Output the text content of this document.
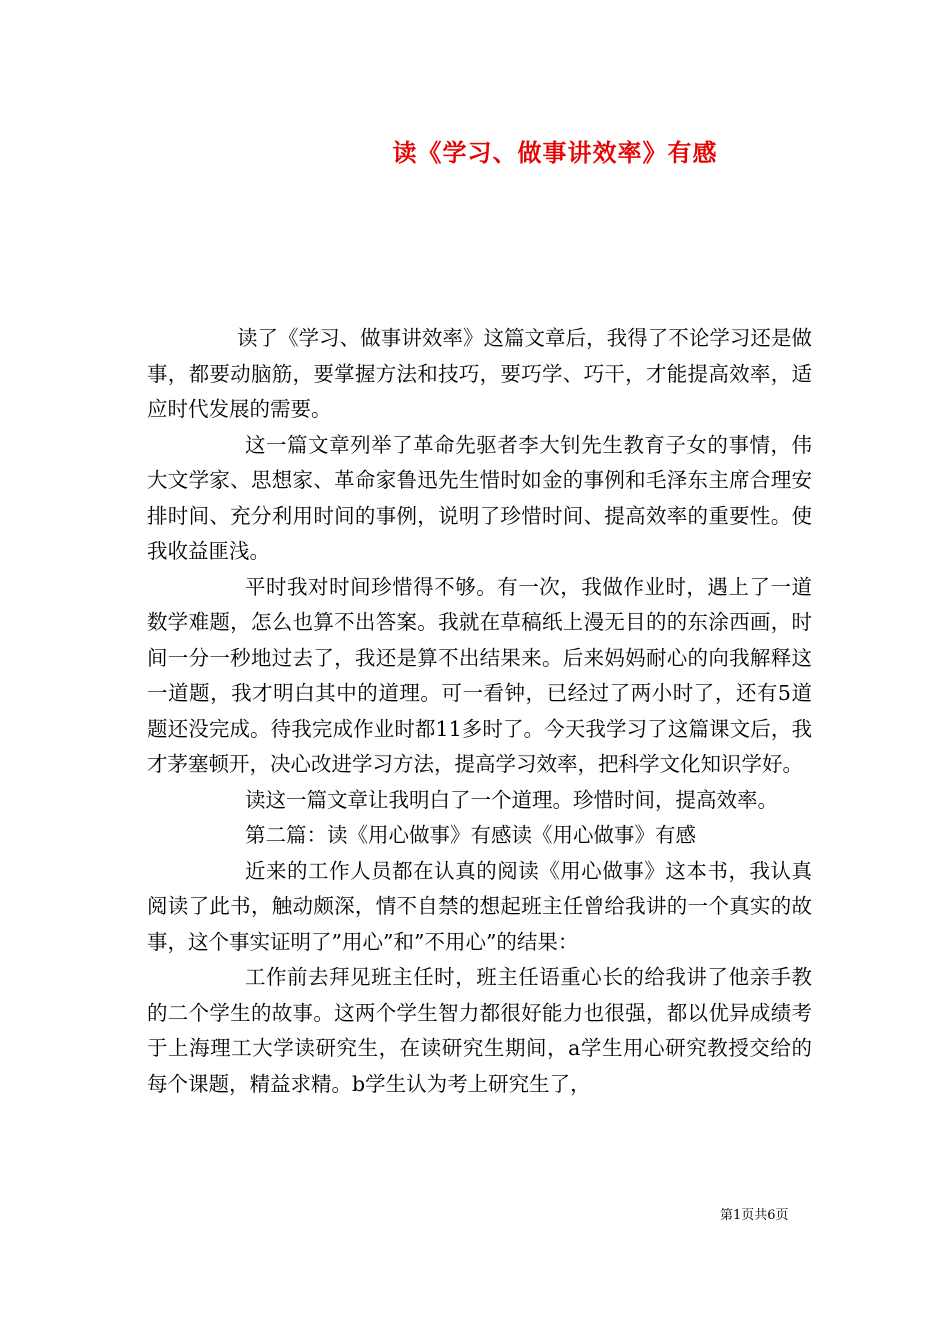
读《学习、做事讲效率》有感

读了《学习、做事讲效率》这篇文章后，我得了不论学习还是做事，都要动脑筋，要掌握方法和技巧，要巧学、巧干，才能提高效率，适应时代发展的需要。

这一篇文章列举了革命先驱者李大钊先生教育子女的事情，伟大文学家、思想家、革命家鲁迅先生惜时如金的事例和毛泽东主席合理安排时间、充分利用时间的事例，说明了珍惜时间、提高效率的重要性。使我收益匪浅。

平时我对时间珍惜得不够。有一次，我做作业时，遇上了一道数学难题，怎么也算不出答案。我就在草稿纸上漫无目的的东涂西画，时间一分一秒地过去了，我还是算不出结果来。后来妈妈耐心的向我解释这一道题，我才明白其中的道理。可一看钟，已经过了两小时了，还有5道题还没完成。待我完成作业时都11多时了。今天我学习了这篇课文后，我才茅塞顿开，决心改进学习方法，提高学习效率，把科学文化知识学好。

读这一篇文章让我明白了一个道理。珍惜时间，提高效率。

第二篇：读《用心做事》有感读《用心做事》有感

近来的工作人员都在认真的阅读《用心做事》这本书，我认真阅读了此书，触动颇深，情不自禁的想起班主任曾给我讲的一个真实的故事，这个事实证明了”用心”和”不用心”的结果：

工作前去拜见班主任时，班主任语重心长的给我讲了他亲手教的二个学生的故事。这两个学生智力都很好能力也很强，都以优异成绩考于上海理工大学读研究生，在读研究生期间，a学生用心研究教授交给的每个课题，精益求精。b学生认为考上研究生了，

第1页共6页
